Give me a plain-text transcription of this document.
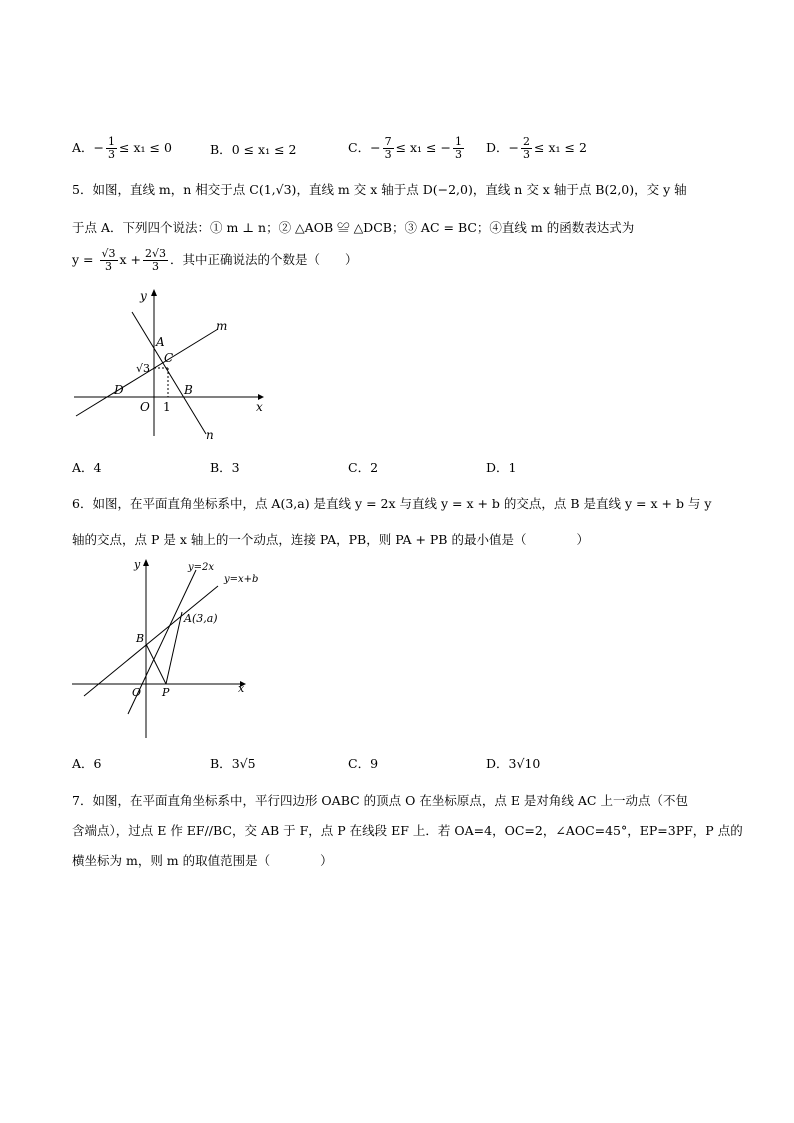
A．− $\frac{1}{3} \le x_1 \le 0$	B．0 ≤ x₁ ≤ 2	C．− $\frac{7}{3} \le x_1$ ≤ − $\frac{1}{3}$ D．− $\frac{2}{3} \le x_1 \le 2$
5．如图，直线 m，n 相交于点 C(1,√3)，直线 m 交 x 轴于点 D(−2,0)，直线 n 交 x 轴于点 B(2,0)，交 y 轴
于点 A．下列四个说法：① m ⊥ n；② △AOB ≌ △DCB；③ AC = BC；④直线 m 的函数表达式为
$y = \frac{√3}{3}$ $x + \frac{2√3}{3}$ ．其中正确说法的个数是（　　）
y
x
m
n
A
C
√3
D	B
O 1
A．4	B．3	C．2	D．1
6．如图，在平面直角坐标系中，点 A(3,a) 是直线 y = 2x 与直线 y = x + b 的交点，点 B 是直线 y = x + b 与 y
轴的交点，点 P 是 x 轴上的一个动点，连接 PA，PB，则 PA + PB 的最小值是（　　　　）
y
x
y=2x
y=x+b
A(3,a)
B
O P
A．6	B．3√5	C．9	D．3√10
7．如图，在平面直角坐标系中，平行四边形 OABC 的顶点 O 在坐标原点，点 E 是对角线 AC 上一动点（不包
含端点），过点 E 作 EF//BC，交 AB 于 F，点 P 在线段 EF 上．若 OA=4，OC=2，∠AOC=45°，EP=3PF，P 点的
横坐标为 m，则 m 的取值范围是（　　　　）
